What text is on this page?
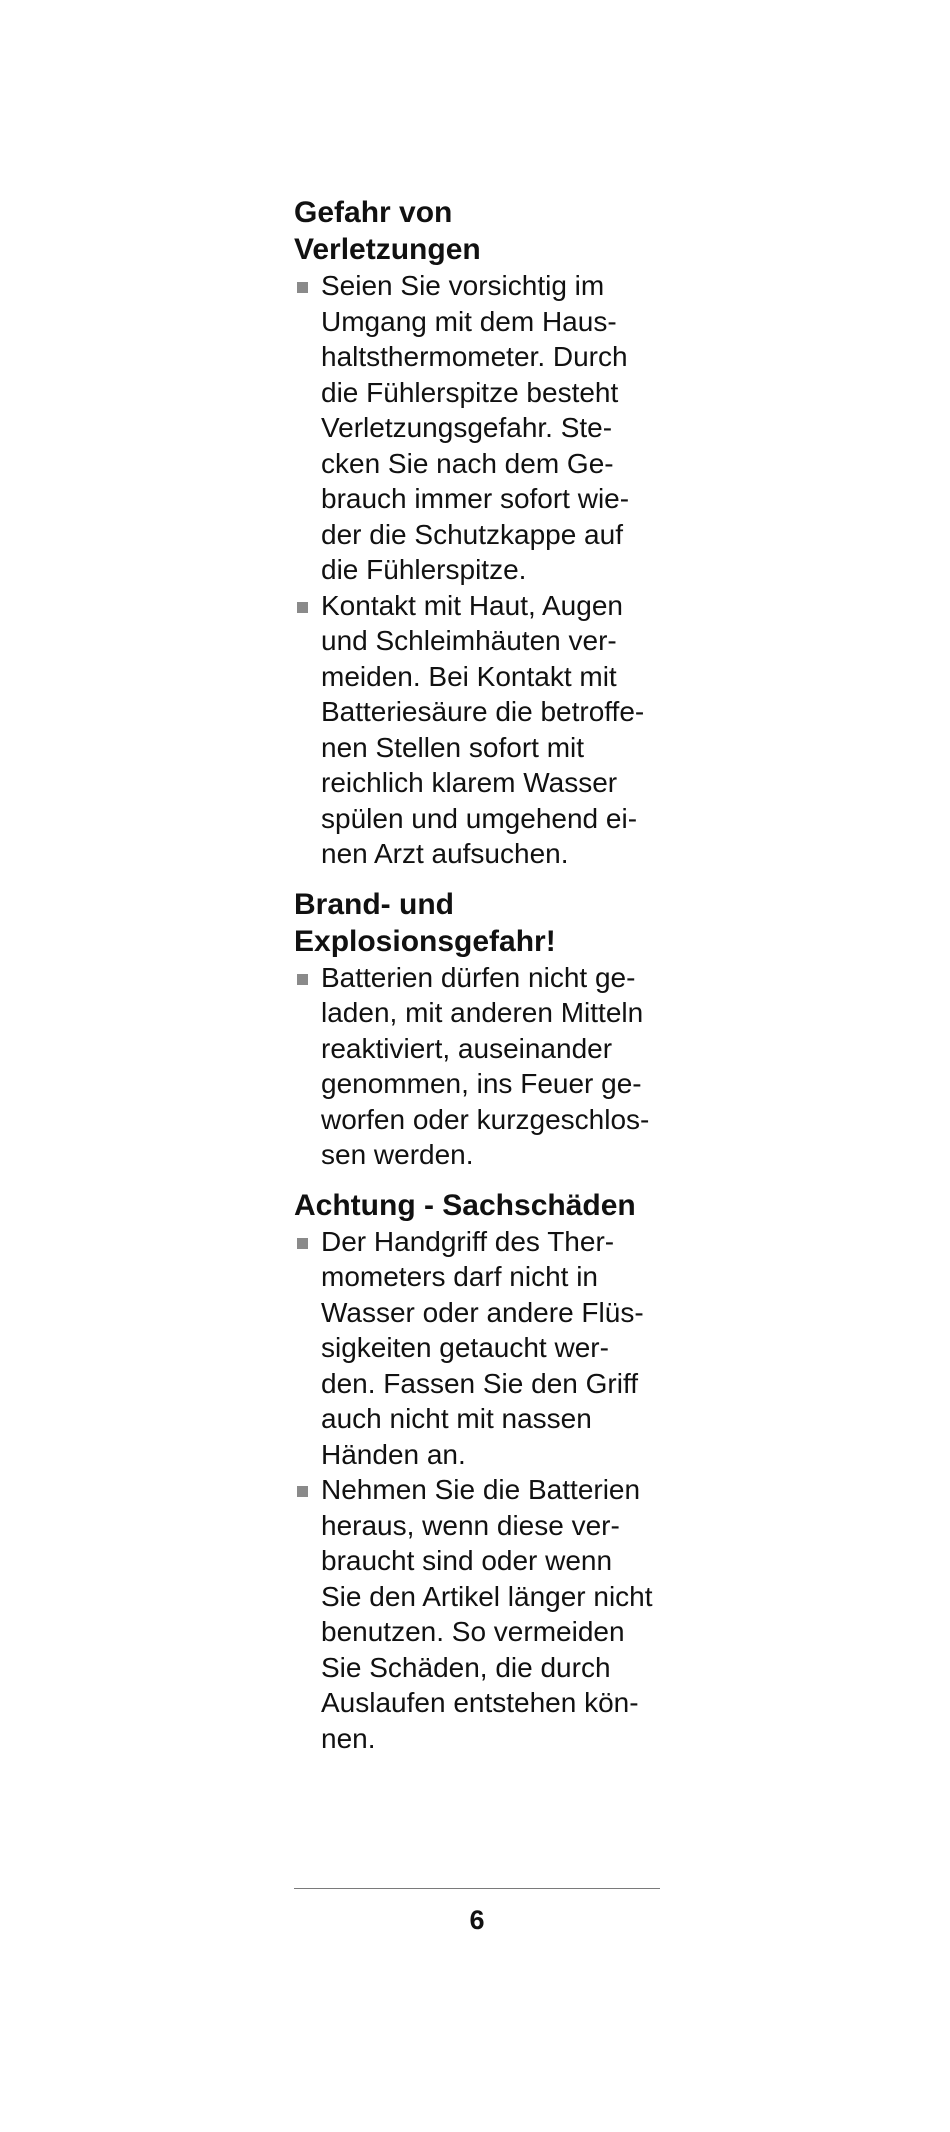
Gefahr von
Verletzungen
Seien Sie vorsichtig im
Umgang mit dem Haus-
haltsthermometer. Durch
die Fühlerspitze besteht
Verletzungsgefahr. Ste-
cken Sie nach dem Ge-
brauch immer sofort wie-
der die Schutzkappe auf
die Fühlerspitze.
Kontakt mit Haut, Augen
und Schleimhäuten ver-
meiden. Bei Kontakt mit
Batteriesäure die betroffe-
nen Stellen sofort mit
reichlich klarem Wasser
spülen und umgehend ei-
nen Arzt aufsuchen.
Brand- und
Explosionsgefahr!
Batterien dürfen nicht ge-
laden, mit anderen Mitteln
reaktiviert, auseinander
genommen, ins Feuer ge-
worfen oder kurzgeschlos-
sen werden.
Achtung - Sachschäden
Der Handgriff des Ther-
mometers darf nicht in
Wasser oder andere Flüs-
sigkeiten getaucht wer-
den. Fassen Sie den Griff
auch nicht mit nassen
Händen an.
Nehmen Sie die Batterien
heraus, wenn diese ver-
braucht sind oder wenn
Sie den Artikel länger nicht
benutzen. So vermeiden
Sie Schäden, die durch
Auslaufen entstehen kön-
nen.
6
